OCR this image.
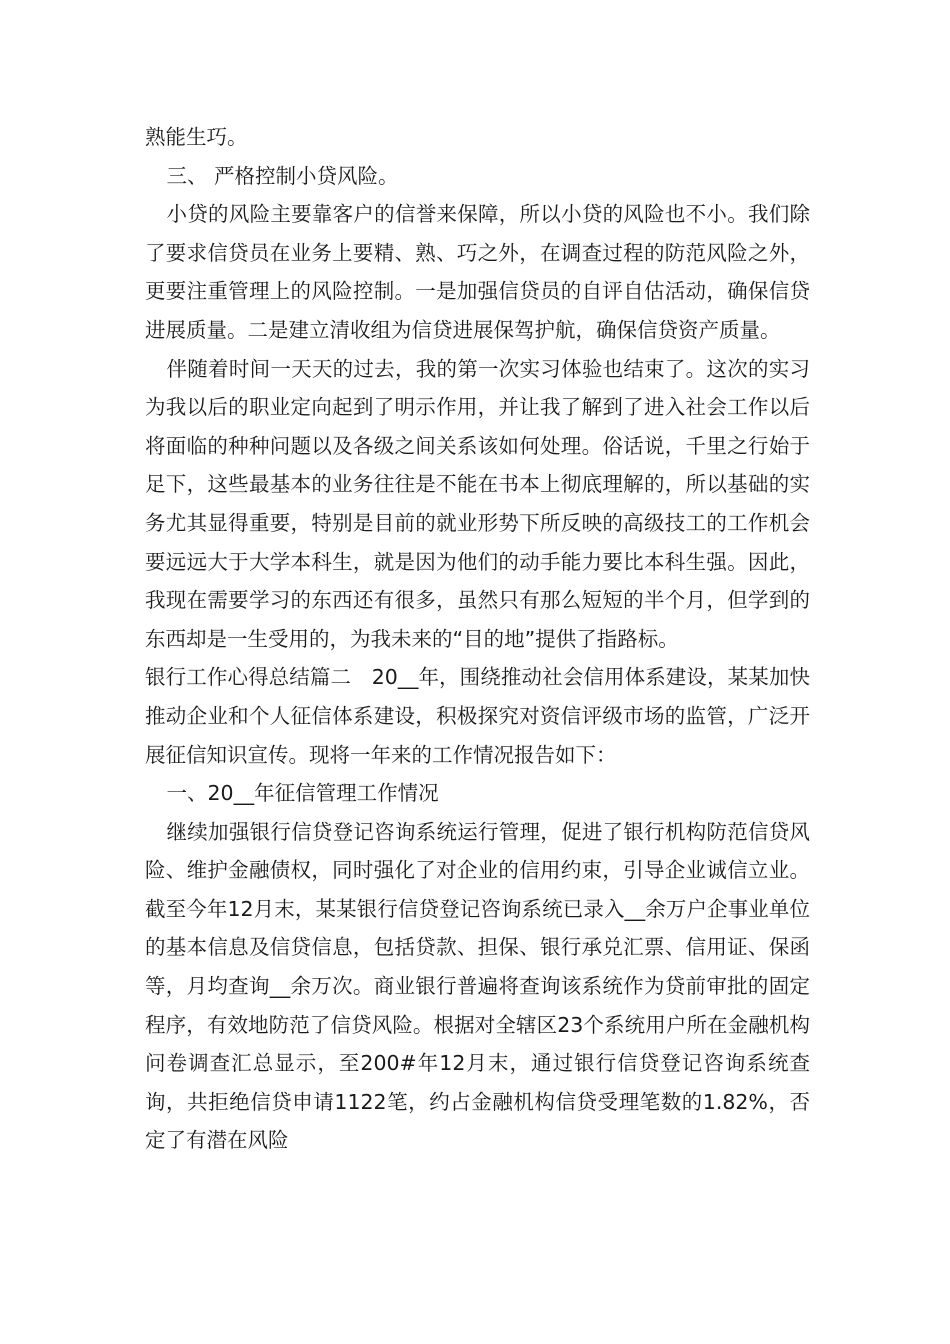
熟能生巧。

三、 严格控制小贷风险。

小贷的风险主要靠客户的信誉来保障，所以小贷的风险也不小。我们除了要求信贷员在业务上要精、熟、巧之外，在调查过程的防范风险之外，更要注重管理上的风险控制。一是加强信贷员的自评自估活动，确保信贷进展质量。二是建立清收组为信贷进展保驾护航，确保信贷资产质量。

伴随着时间一天天的过去，我的第一次实习体验也结束了。这次的实习为我以后的职业定向起到了明示作用，并让我了解到了进入社会工作以后将面临的种种问题以及各级之间关系该如何处理。俗话说，千里之行始于足下，这些最基本的业务往往是不能在书本上彻底理解的，所以基础的实务尤其显得重要，特别是目前的就业形势下所反映的高级技工的工作机会要远远大于大学本科生，就是因为他们的动手能力要比本科生强。因此，我现在需要学习的东西还有很多，虽然只有那么短短的半个月，但学到的东西却是一生受用的，为我未来的“目的地”提供了指路标。

银行工作心得总结篇二　20__年，围绕推动社会信用体系建设，某某加快推动企业和个人征信体系建设，积极探究对资信评级市场的监管，广泛开展征信知识宣传。现将一年来的工作情况报告如下：

一、20__年征信管理工作情况

继续加强银行信贷登记咨询系统运行管理，促进了银行机构防范信贷风险、维护金融债权，同时强化了对企业的信用约束，引导企业诚信立业。截至今年12月末，某某银行信贷登记咨询系统已录入__余万户企事业单位的基本信息及信贷信息，包括贷款、担保、银行承兑汇票、信用证、保函等，月均查询__余万次。商业银行普遍将查询该系统作为贷前审批的固定程序，有效地防范了信贷风险。根据对全辖区23个系统用户所在金融机构问卷调查汇总显示，至200#年12月末，通过银行信贷登记咨询系统查询，共拒绝信贷申请1122笔，约占金融机构信贷受理笔数的1.82%，否定了有潜在风险
